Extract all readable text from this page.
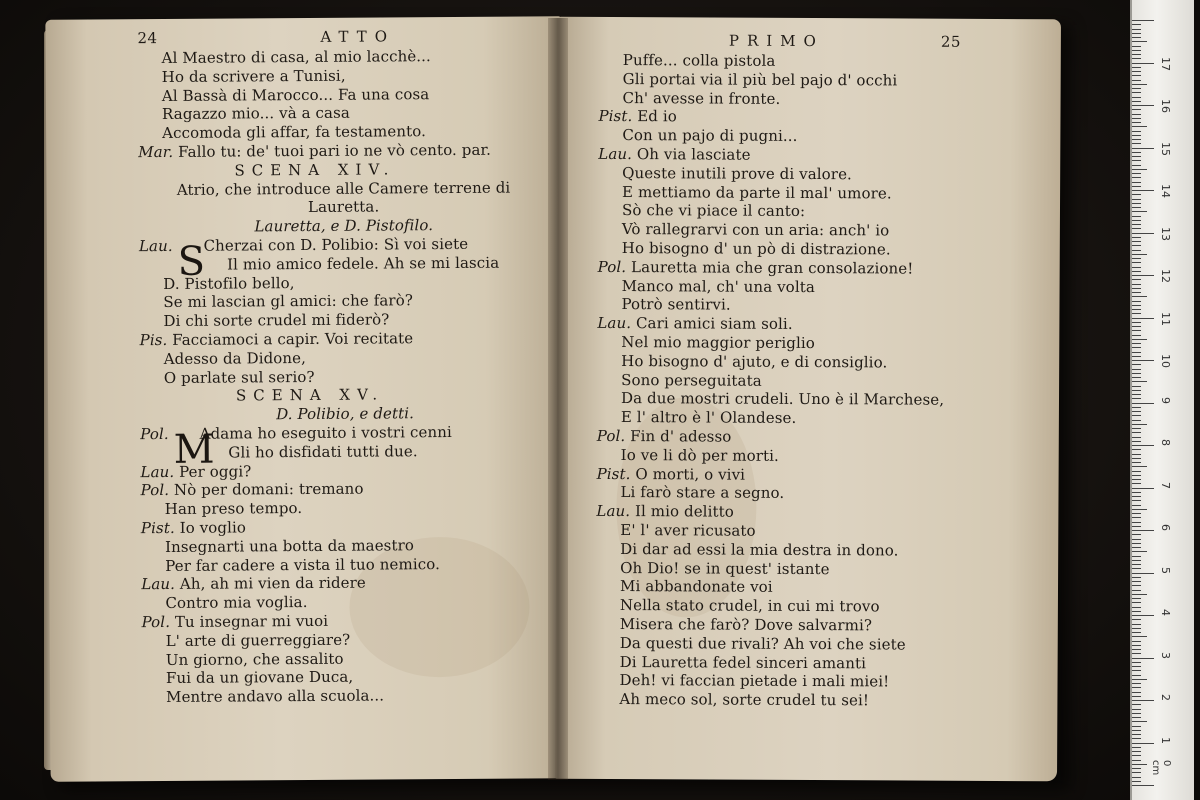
24	ATTO
Al Maestro di casa, al mio lacchè...
Ho da scrivere a Tunisi,
Al Bassà di Marocco... Fa una cosa
Ragazzo mio... và a casa
Accomoda gli affar, fa testamento.
Mar. Fallo tu: de' tuoi pari io ne vò cento. par.
SCENA XIV.
Atrio, che introduce alle Camere terrene di
Lauretta.
Lauretta, e D. Pistofilo.
Lau. S
Cherzai con D. Polibio: Sì voi siete
Il mio amico fedele. Ah se mi lascia
D. Pistofilo bello,
Se mi lascian gl amici: che farò?
Di chi sorte crudel mi fiderò?
Pis. Facciamoci a capir. Voi recitate
Adesso da Didone,
O parlate sul serio?
SCENA XV.
D. Polibio, e detti.
Pol. M
Adama ho eseguito i vostri cenni
Gli ho disfidati tutti due.
Lau. Per oggi?
Pol. Nò per domani: tremano
Han preso tempo.
Pist. Io voglio
Insegnarti una botta da maestro
Per far cadere a vista il tuo nemico.
Lau. Ah, ah mi vien da ridere
Contro mia voglia.
Pol. Tu insegnar mi vuoi
L' arte di guerreggiare?
Un giorno, che assalito
Fui da un giovane Duca,
Mentre andavo alla scuola...
PRIMO	25
Puffe... colla pistola
Gli portai via il più bel pajo d' occhi
Ch' avesse in fronte.
Pist. Ed io
Con un pajo di pugni...
Lau. Oh via lasciate
Queste inutili prove di valore.
E mettiamo da parte il mal' umore.
Sò che vi piace il canto:
Vò rallegrarvi con un aria: anch' io
Ho bisogno d' un pò di distrazione.
Pol. Lauretta mia che gran consolazione!
Manco mal, ch' una volta
Potrò sentirvi.
Lau. Cari amici siam soli.
Nel mio maggior periglio
Ho bisogno d' ajuto, e di consiglio.
Sono perseguitata
Da due mostri crudeli. Uno è il Marchese,
E l' altro è l' Olandese.
Pol. Fin d' adesso
Io ve li dò per morti.
Pist. O morti, o vivi
Li farò stare a segno.
Lau. Il mio delitto
E' l' aver ricusato
Di dar ad essi la mia destra in dono.
Oh Dio! se in quest' istante
Mi abbandonate voi
Nella stato crudel, in cui mi trovo
Misera che farò? Dove salvarmi?
Da questi due rivali? Ah voi che siete
Di Lauretta fedel sinceri amanti
Deh! vi faccian pietade i mali miei!
Ah meco sol, sorte crudel tu sei!
0 cm
1
2
3
4
5
6
7
8
9
10
11
12
13
14
15
16
17
